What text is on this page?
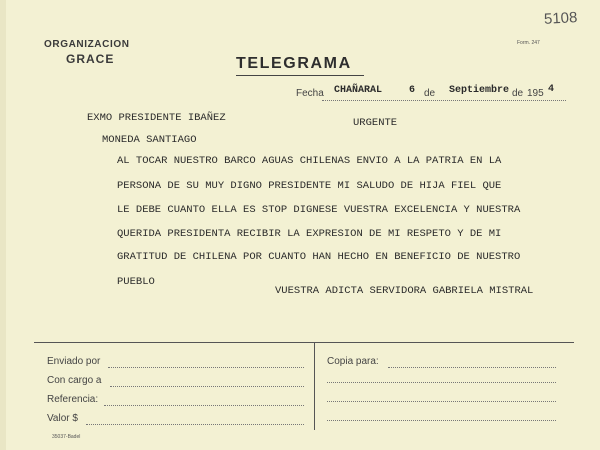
5108
ORGANIZACION
GRACE
Form. 247
TELEGRAMA
Fecha CHAÑARAL	6 de Septiembre de 195 4
EXMO PRESIDENTE IBAÑEZ	URGENTE
MONEDA SANTIAGO
AL TOCAR NUESTRO BARCO AGUAS CHILENAS ENVIO A LA PATRIA EN LA
PERSONA DE SU MUY DIGNO PRESIDENTE MI SALUDO DE HIJA FIEL QUE
LE DEBE CUANTO ELLA ES STOP DIGNESE VUESTRA EXCELENCIA Y NUESTRA
QUERIDA PRESIDENTA RECIBIR LA EXPRESION DE MI RESPETO Y DE MI
GRATITUD DE CHILENA POR CUANTO HAN HECHO EN BENEFICIO DE NUESTRO
PUEBLO
VUESTRA ADICTA SERVIDORA GABRIELA MISTRAL
Enviado por
Con cargo a
Referencia:
Valor $
Copia para:
35037-Badel
